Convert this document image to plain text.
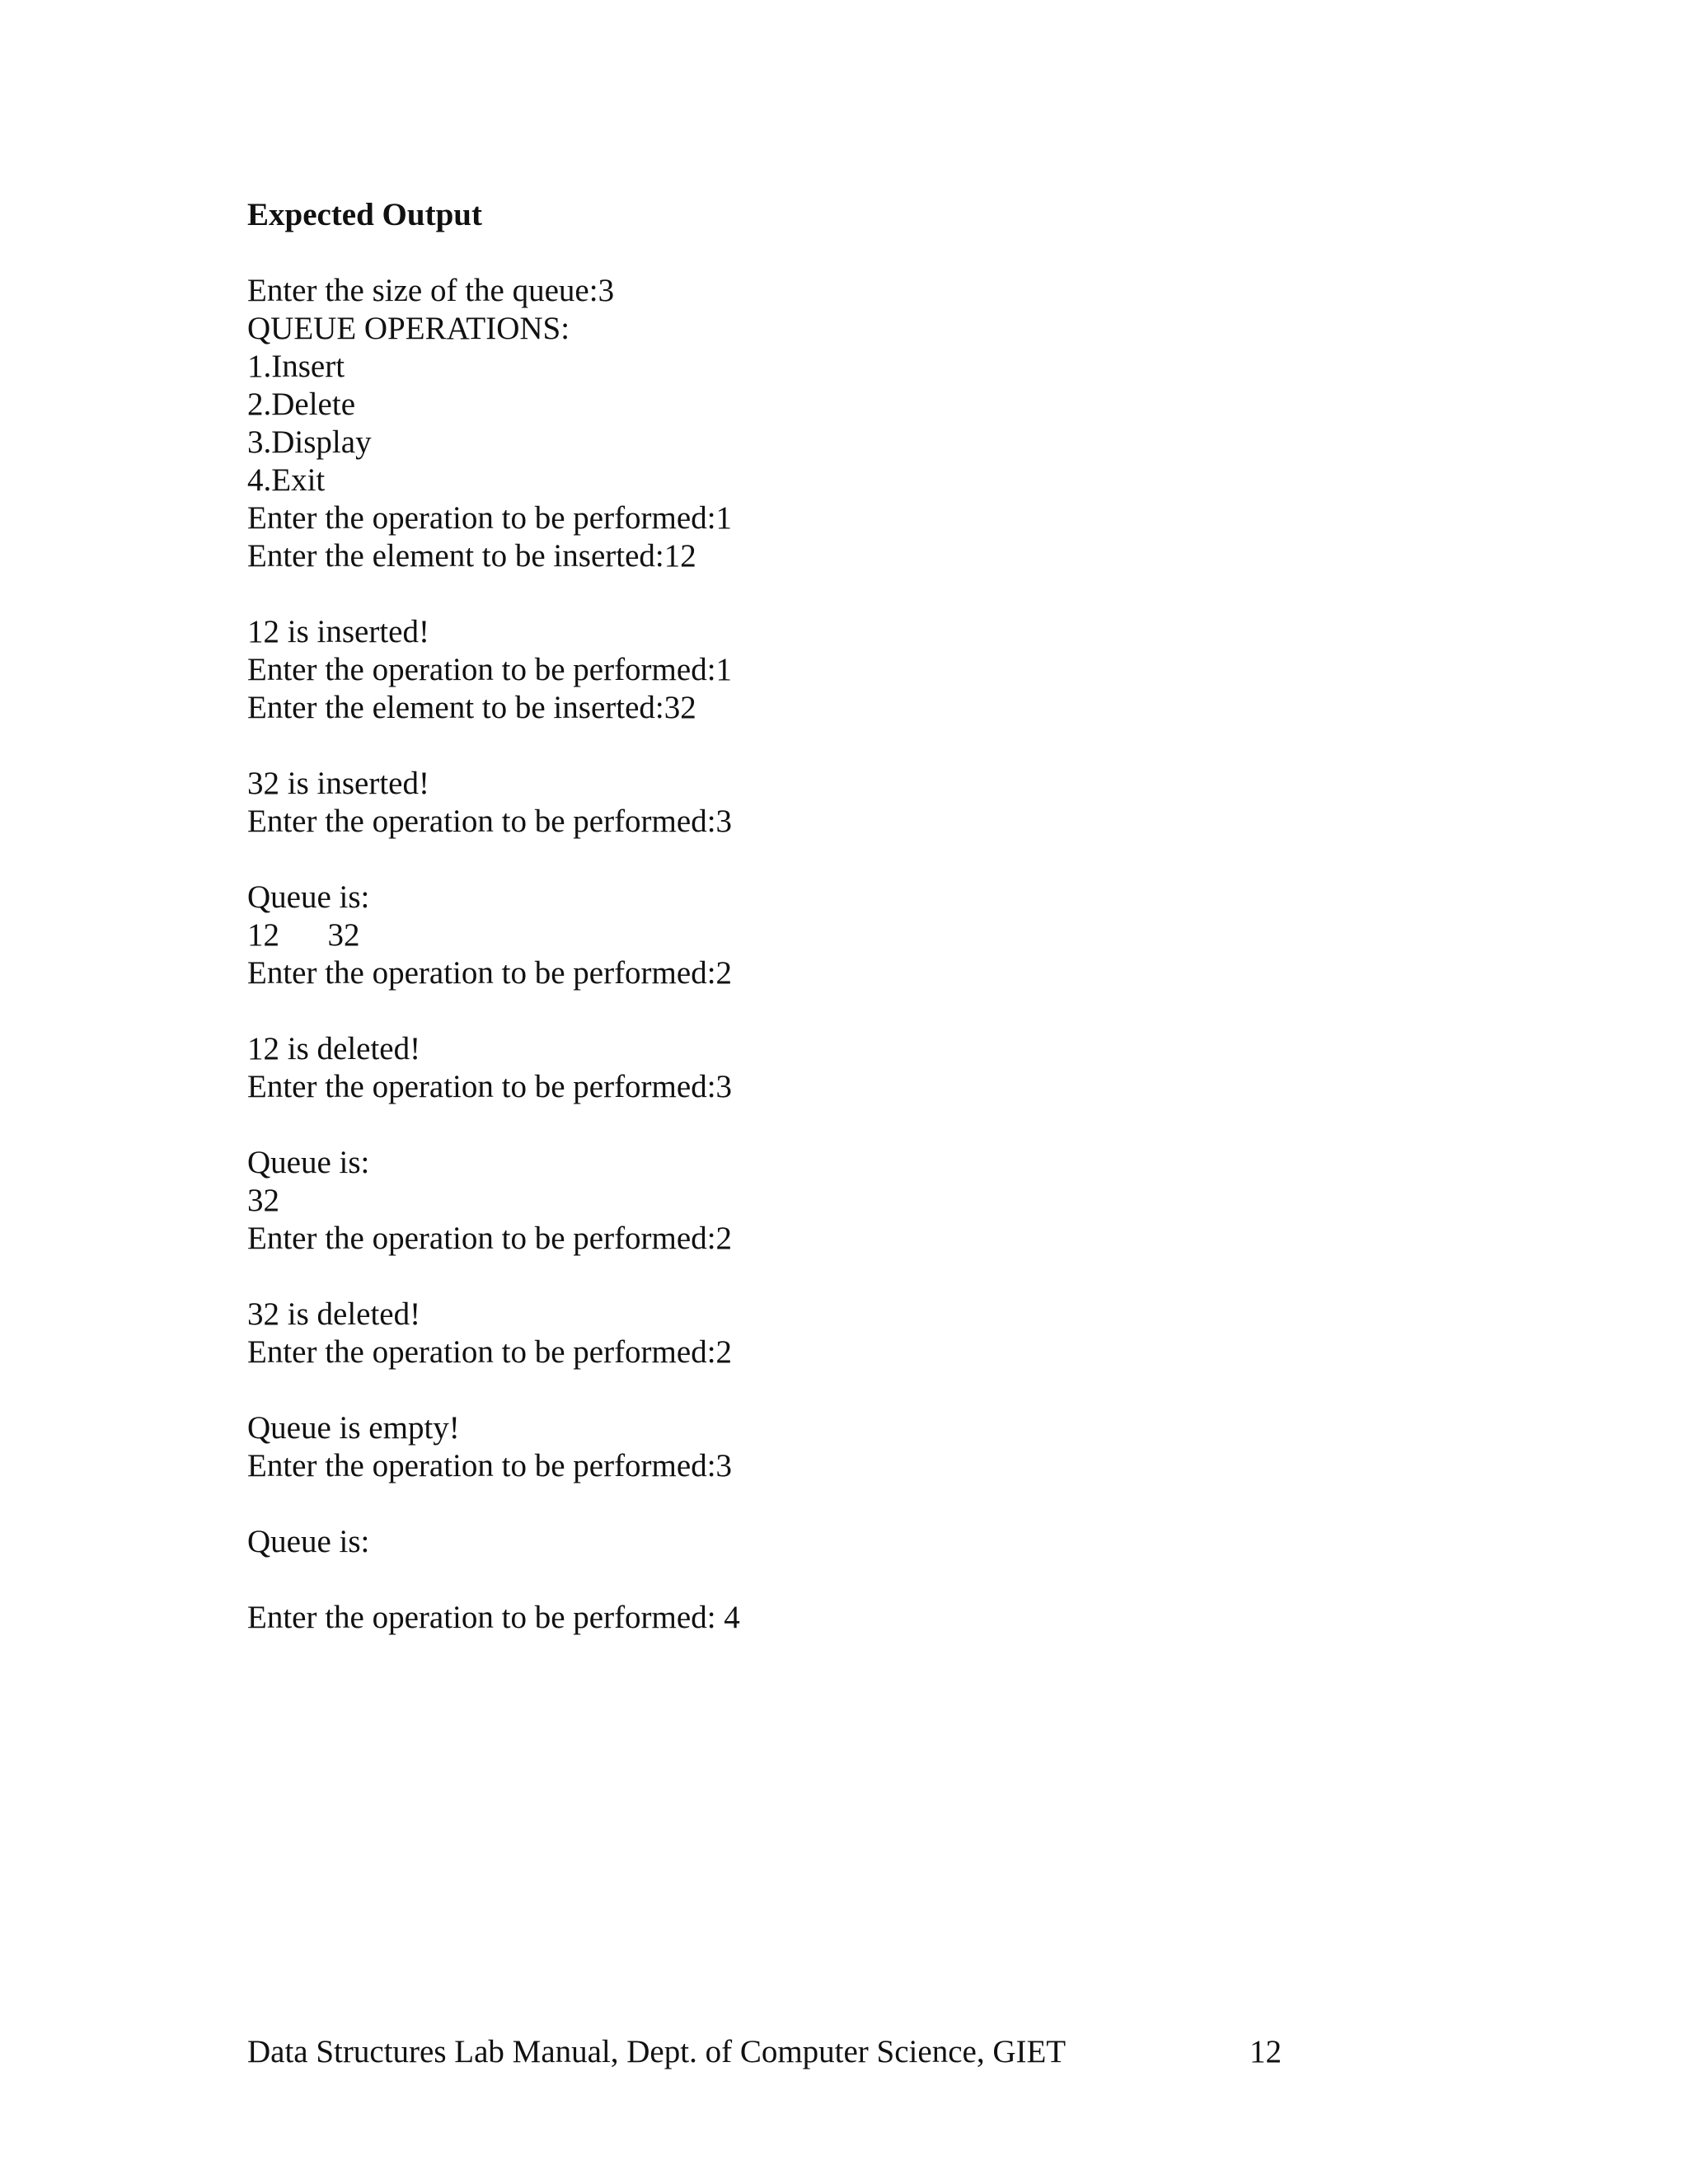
Expected Output
Enter the size of the queue:3
QUEUE OPERATIONS:
1.Insert
2.Delete
3.Display
4.Exit
Enter the operation to be performed:1
Enter the element to be inserted:12
12 is inserted!
Enter the operation to be performed:1
Enter the element to be inserted:32
32 is inserted!
Enter the operation to be performed:3
Queue is:
12      32
Enter the operation to be performed:2
12 is deleted!
Enter the operation to be performed:3
Queue is:
32
Enter the operation to be performed:2
32 is deleted!
Enter the operation to be performed:2
Queue is empty!
Enter the operation to be performed:3
Queue is:
Enter the operation to be performed: 4
Data Structures Lab Manual, Dept. of Computer Science, GIET	12
